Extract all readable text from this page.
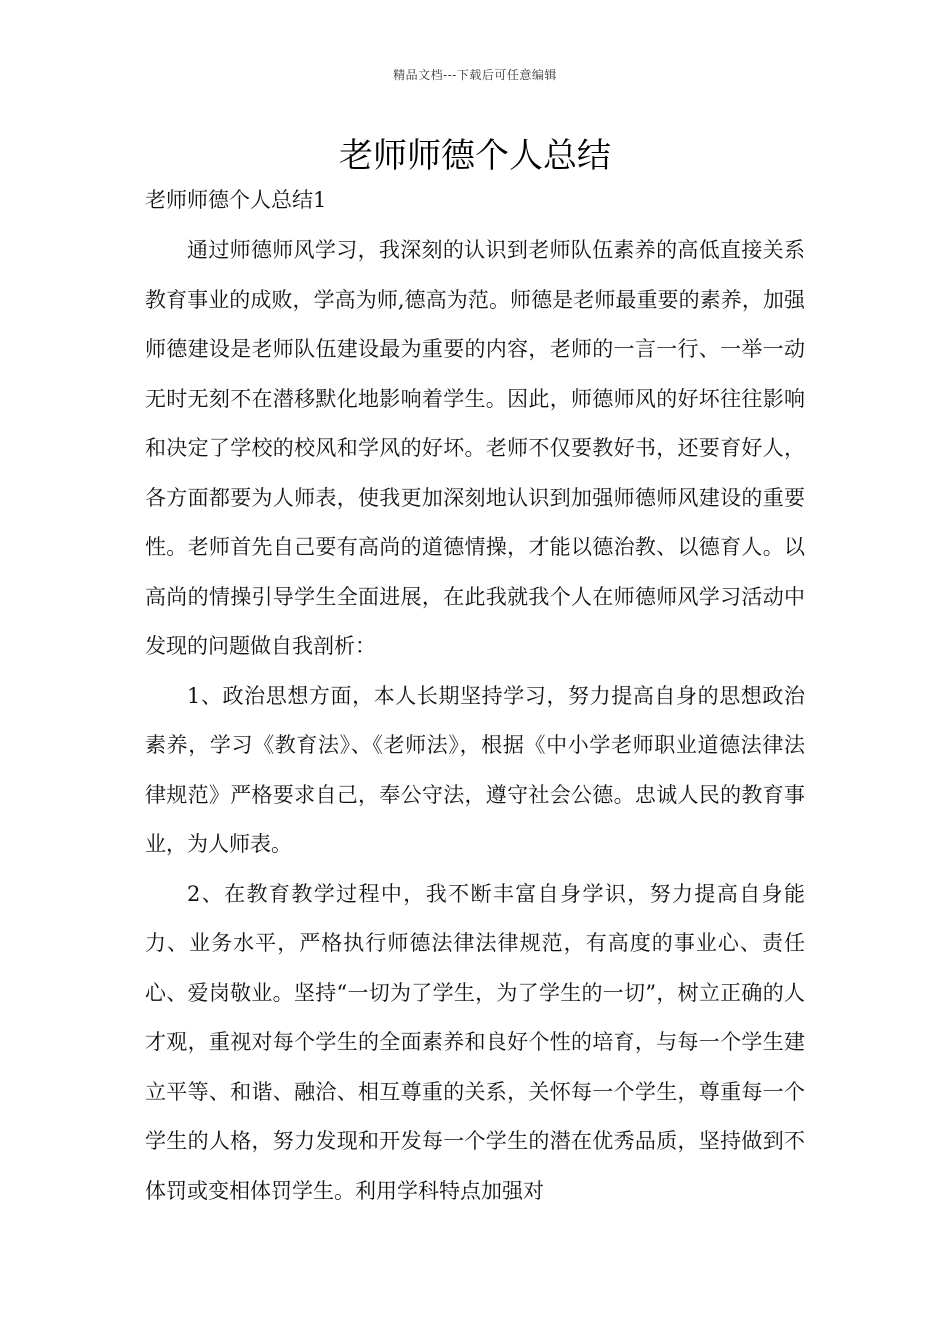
精品文档---下载后可任意编辑
老师师德个人总结
老师师德个人总结1

通过师德师风学习，我深刻的认识到老师队伍素养的高低直接关系教育事业的成败，学高为师,德高为范。师德是老师最重要的素养，加强师德建设是老师队伍建设最为重要的内容，老师的一言一行、一举一动无时无刻不在潜移默化地影响着学生。因此，师德师风的好坏往往影响和决定了学校的校风和学风的好坏。老师不仅要教好书，还要育好人，各方面都要为人师表，使我更加深刻地认识到加强师德师风建设的重要性。老师首先自己要有高尚的道德情操，才能以德治教、以德育人。以高尚的情操引导学生全面进展，在此我就我个人在师德师风学习活动中发现的问题做自我剖析：

1、政治思想方面，本人长期坚持学习，努力提高自身的思想政治素养，学习《教育法》、《老师法》，根据《中小学老师职业道德法律法律规范》严格要求自己，奉公守法，遵守社会公德。忠诚人民的教育事业，为人师表。

2、在教育教学过程中，我不断丰富自身学识，努力提高自身能力、业务水平，严格执行师德法律法律规范，有高度的事业心、责任心、爱岗敬业。坚持“一切为了学生，为了学生的一切”，树立正确的人才观，重视对每个学生的全面素养和良好个性的培育，与每一个学生建立平等、和谐、融洽、相互尊重的关系，关怀每一个学生，尊重每一个学生的人格，努力发现和开发每一个学生的潜在优秀品质，坚持做到不体罚或变相体罚学生。利用学科特点加强对
